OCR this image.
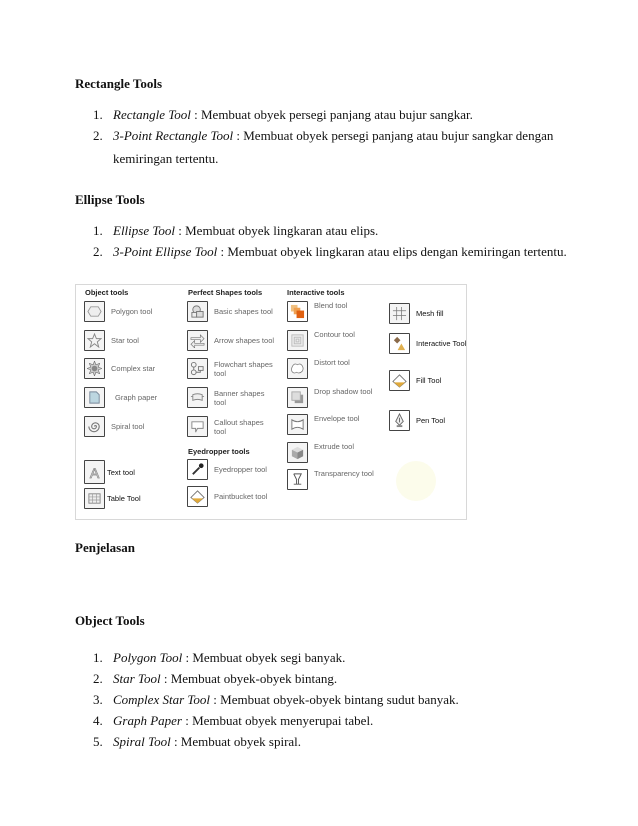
Rectangle Tools
1. Rectangle Tool : Membuat obyek persegi panjang atau bujur sangkar.
2. 3-Point Rectangle Tool : Membuat obyek persegi panjang atau bujur sangkar dengan
kemiringan tertentu.
Ellipse Tools
1. Ellipse Tool : Membuat obyek lingkaran atau elips.
2. 3-Point Ellipse Tool : Membuat obyek lingkaran atau elips dengan kemiringan tertentu.
Object tools	Perfect Shapes tools	Interactive tools
Eyedropper tools
Polygon tool
Star tool
Complex star
Graph paper
Spiral tool
A Text tool
Table Tool
Basic shapes tool
Arrow shapes tool
Flowchart shapes tool
Banner shapes tool
Callout shapes tool
Eyedropper tool
Paintbucket tool
Blend tool
Contour tool
Distort tool
Drop shadow tool
Envelope tool
Extrude tool
Transparency tool
Mesh fill
Interactive Tool
Fill Tool
Pen Tool
Penjelasan
Object Tools
1. Polygon Tool : Membuat obyek segi banyak.
2. Star Tool : Membuat obyek-obyek bintang.
3. Complex Star Tool : Membuat obyek-obyek bintang sudut banyak.
4. Graph Paper : Membuat obyek menyerupai tabel.
5. Spiral Tool : Membuat obyek spiral.
